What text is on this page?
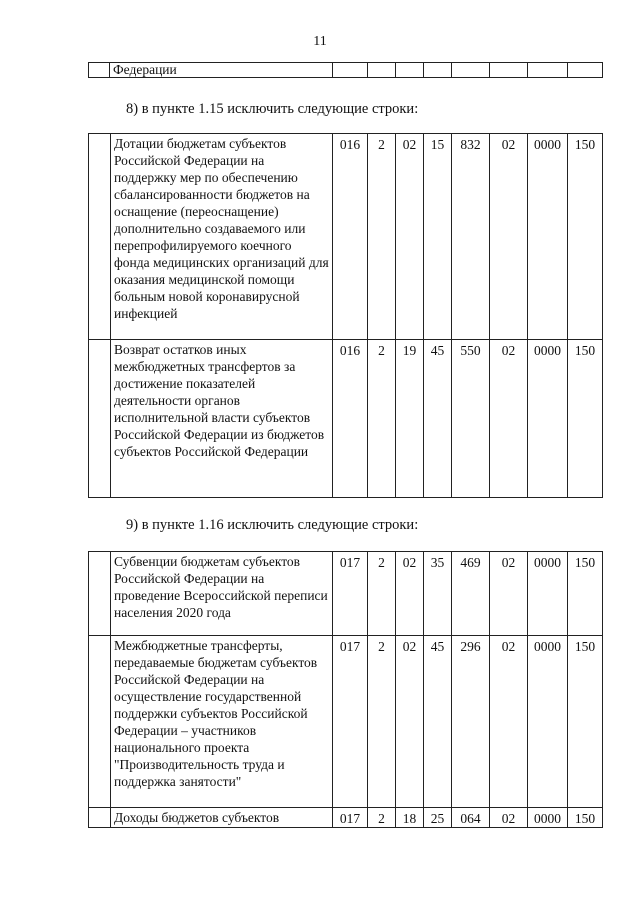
11
	Федерации								
8) в пункте 1.15 исключить следующие строки:
	Дотации бюджетам субъектов Российской Федерации на поддержку мер по обеспечению сбалансированности бюджетов на оснащение (переоснащение) дополнительно создаваемого или перепрофилируемого коечного фонда медицинских организаций для оказания медицинской помощи больным новой коронавирусной инфекцией	016	2	02	15	832	02	0000	150
	Возврат остатков иных межбюджетных трансфертов за достижение показателей деятельности органов исполнительной власти субъектов Российской Федерации из бюджетов субъектов Российской Федерации	016	2	19	45	550	02	0000	150
9) в пункте 1.16 исключить следующие строки:
	Субвенции бюджетам субъектов Российской Федерации на проведение Всероссийской переписи населения 2020 года	017	2	02	35	469	02	0000	150
	Межбюджетные трансферты, передаваемые бюджетам субъектов Российской Федерации на осуществление государственной поддержки субъектов Российской Федерации – участников национального проекта "Производительность труда и поддержка занятости"	017	2	02	45	296	02	0000	150
	Доходы бюджетов субъектов	017	2	18	25	064	02	0000	150
